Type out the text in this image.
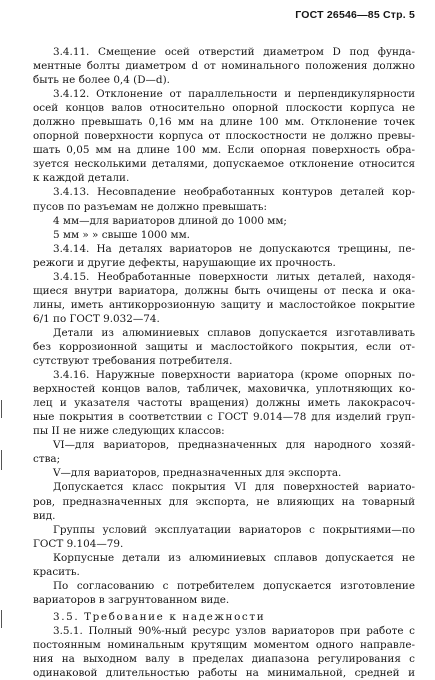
ГОСТ 26546—85 Стр. 5
3.4.11. Смещение осей отверстий диаметром D под фунда-
ментные болты диаметром d от номинального положения должно
быть не более 0,4 (D—d).
3.4.12. Отклонение от параллельности и перпендикулярности
осей концов валов относительно опорной плоскости корпуса не
должно превышать 0,16 мм на длине 100 мм. Отклонение точек
опорной поверхности корпуса от плоскостности не должно превы-
шать 0,05 мм на длине 100 мм. Если опорная поверхность обра-
зуется несколькими деталями, допускаемое отклонение относится
к каждой детали.
3.4.13. Несовпадение необработанных контуров деталей кор-
пусов по разъемам не должно превышать:
4 мм—для вариаторов длиной до 1000 мм;
5 мм » » свыше 1000 мм.
3.4.14. На деталях вариаторов не допускаются трещины, пе-
режоги и другие дефекты, нарушающие их прочность.
3.4.15. Необработанные поверхности литых деталей, находя-
щиеся внутри вариатора, должны быть очищены от песка и ока-
лины, иметь антикоррозионную защиту и маслостойкое покрытие
6/1 по ГОСТ 9.032—74.
Детали из алюминиевых сплавов допускается изготавливать
без коррозионной защиты и маслостойкого покрытия, если от-
сутствуют требования потребителя.
3.4.16. Наружные поверхности вариатора (кроме опорных по-
верхностей концов валов, табличек, маховичка, уплотняющих ко-
лец и указателя частоты вращения) должны иметь лакокрасоч-
ные покрытия в соответствии с ГОСТ 9.014—78 для изделий груп-
пы II не ниже следующих классов:
VI—для вариаторов, предназначенных для народного хозяй-
ства;
V—для вариаторов, предназначенных для экспорта.
Допускается класс покрытия VI для поверхностей вариато-
ров, предназначенных для экспорта, не влияющих на товарный
вид.
Группы условий эксплуатации вариаторов с покрытиями—по
ГОСТ 9.104—79.
Корпусные детали из алюминиевых сплавов допускается не
красить.
По согласованию с потребителем допускается изготовление
вариаторов в загрунтованном виде.
3.5. Требование к надежности
3.5.1. Полный 90%-ный ресурс узлов вариаторов при работе с
постоянным номинальным крутящим моментом одного направле-
ния на выходном валу в пределах диапазона регулирования с
одинаковой длительностью работы на минимальной, средней и
